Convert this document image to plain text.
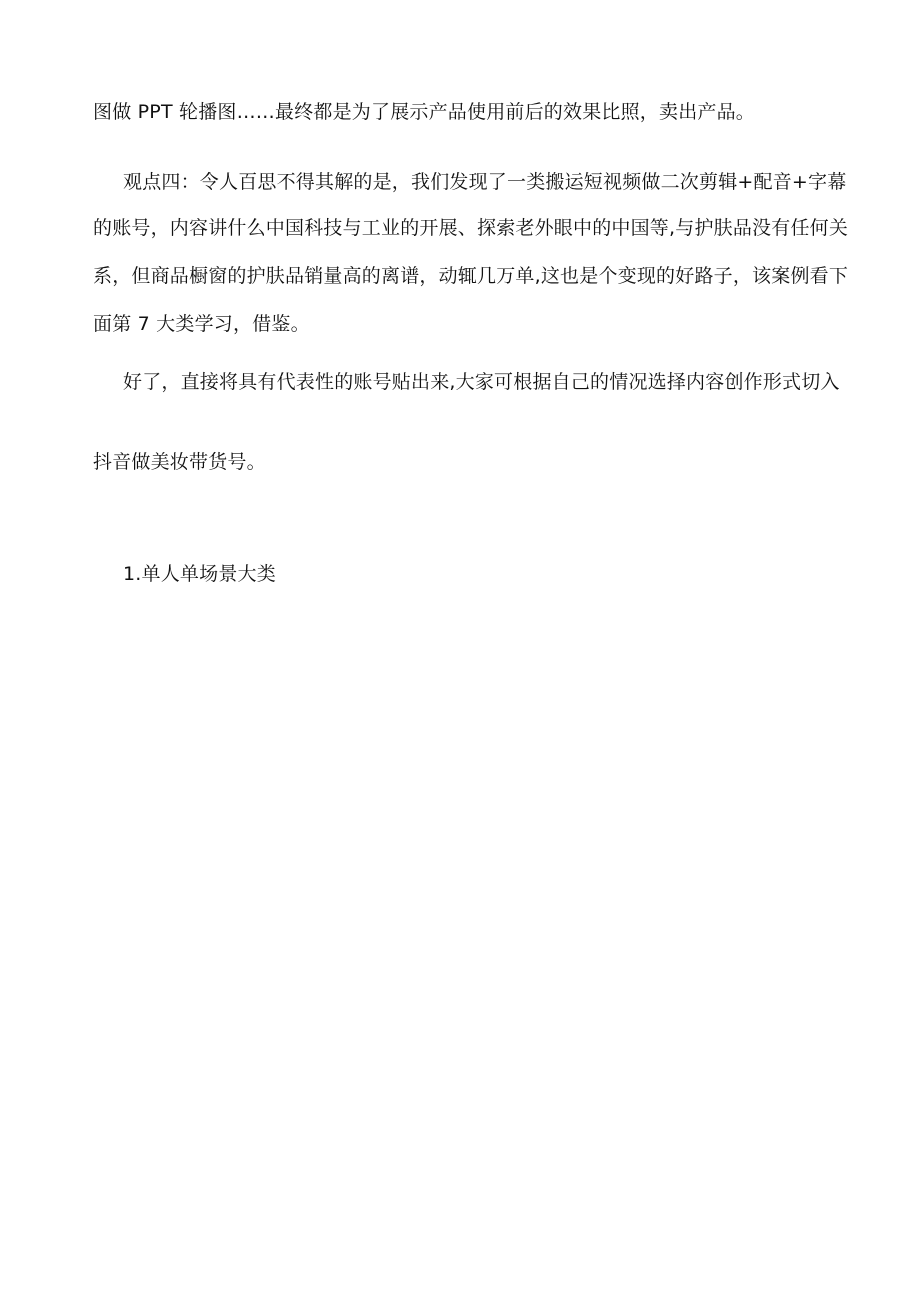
图做 PPT 轮播图……最终都是为了展示产品使用前后的效果比照，卖出产品。
观点四：令人百思不得其解的是，我们发现了一类搬运短视频做二次剪辑+配音+字幕
的账号，内容讲什么中国科技与工业的开展、探索老外眼中的中国等,与护肤品没有任何关
系，但商品橱窗的护肤品销量高的离谱，动辄几万单,这也是个变现的好路子，该案例看下
面第 7 大类学习，借鉴。
好了，直接将具有代表性的账号贴出来,大家可根据自己的情况选择内容创作形式切入
抖音做美妆带货号。
1.单人单场景大类
